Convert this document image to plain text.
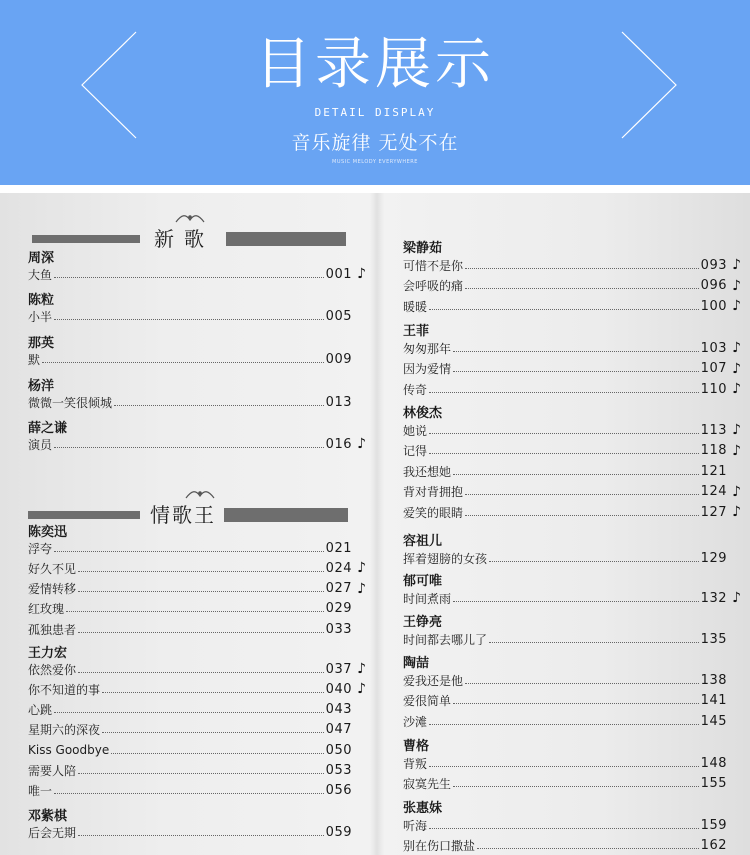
目录展示
DETAIL DISPLAY
音乐旋律 无处不在
MUSIC MELODY EVERYWHERE
新歌
情歌王
周深
大鱼	001 ♪
陈粒
小半	005
那英
默	009
杨洋
微微一笑很倾城	013
薛之谦
演员	016 ♪
陈奕迅
浮夸	021
好久不见	024 ♪
爱情转移	027 ♪
红玫瑰	029
孤独患者	033
王力宏
依然爱你	037 ♪
你不知道的事	040 ♪
心跳	043
星期六的深夜	047
Kiss Goodbye	050
需要人陪	053
唯一	056
邓紫棋
后会无期	059
梁静茹
可惜不是你	093 ♪
会呼吸的痛	096 ♪
暖暖	100 ♪
王菲
匆匆那年	103 ♪
因为爱情	107 ♪
传奇	110 ♪
林俊杰
她说	113 ♪
记得	118 ♪
我还想她	121
背对背拥抱	124 ♪
爱笑的眼睛	127 ♪
容祖儿
挥着翅膀的女孩	129
郁可唯
时间煮雨	132 ♪
王铮亮
时间都去哪儿了	135
陶喆
爱我还是他	138
爱很简单	141
沙滩	145
曹格
背叛	148
寂寞先生	155
张惠妹
听海	159
别在伤口撒盐	162
